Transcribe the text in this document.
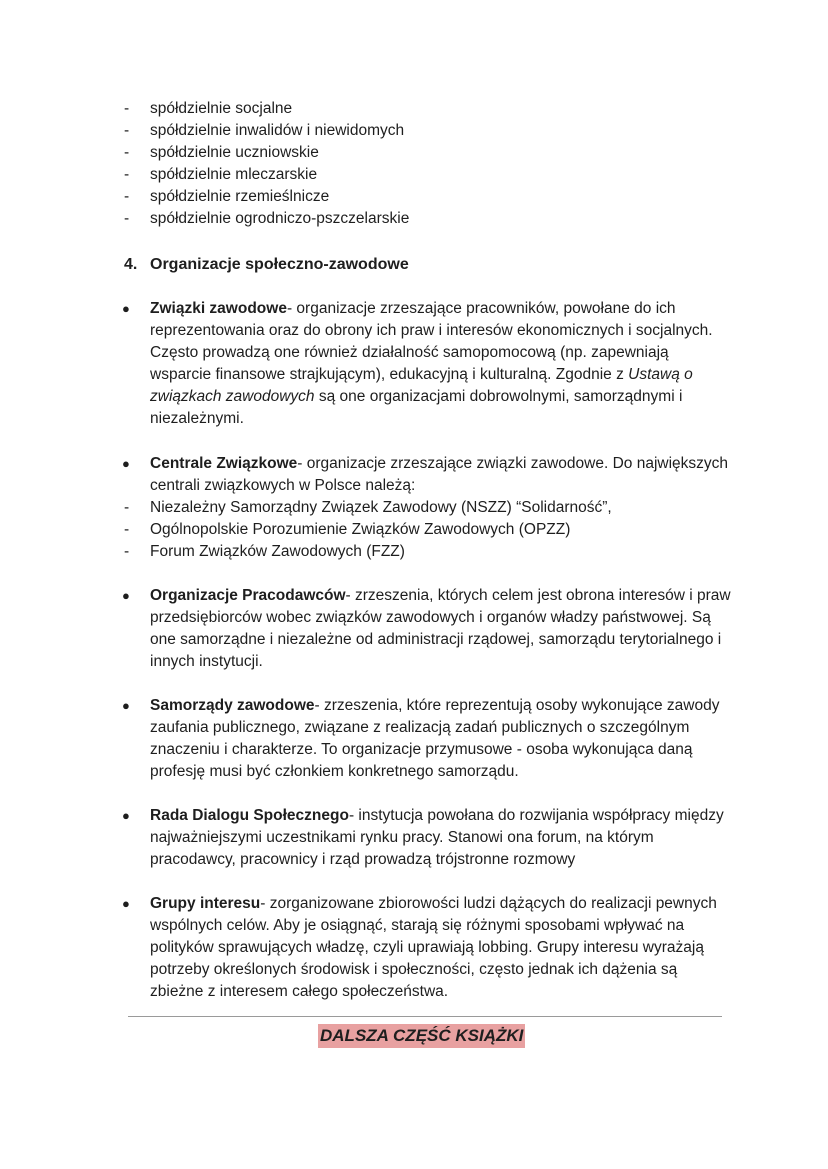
- spółdzielnie socjalne
- spółdzielnie inwalidów i niewidomych
- spółdzielnie uczniowskie
- spółdzielnie mleczarskie
- spółdzielnie rzemieślnicze
- spółdzielnie ogrodniczo-pszczelarskie
4. Organizacje społeczno-zawodowe
● Związki zawodowe- organizacje zrzeszające pracowników, powołane do ich reprezentowania oraz do obrony ich praw i interesów ekonomicznych i socjalnych. Często prowadzą one również działalność samopomocową (np. zapewniają wsparcie finansowe strajkującym), edukacyjną i kulturalną. Zgodnie z Ustawą o związkach zawodowych są one organizacjami dobrowolnymi, samorządnymi i niezależnymi.

● Centrale Związkowe- organizacje zrzeszające związki zawodowe. Do największych centrali związkowych w Polsce należą:

- Niezależny Samorządny Związek Zawodowy (NSZZ) “Solidarność”,
- Ogólnopolskie Porozumienie Związków Zawodowych (OPZZ)
- Forum Związków Zawodowych (FZZ)
● Organizacje Pracodawców- zrzeszenia, których celem jest obrona interesów i praw przedsiębiorców wobec związków zawodowych i organów władzy państwowej. Są one samorządne i niezależne od administracji rządowej, samorządu terytorialnego i innych instytucji.

● Samorządy zawodowe- zrzeszenia, które reprezentują osoby wykonujące zawody zaufania publicznego, związane z realizacją zadań publicznych o szczególnym znaczeniu i charakterze. To organizacje przymusowe - osoba wykonująca daną profesję musi być członkiem konkretnego samorządu.

● Rada Dialogu Społecznego- instytucja powołana do rozwijania współpracy między najważniejszymi uczestnikami rynku pracy. Stanowi ona forum, na którym pracodawcy, pracownicy i rząd prowadzą trójstronne rozmowy

● Grupy interesu- zorganizowane zbiorowości ludzi dążących do realizacji pewnych wspólnych celów. Aby je osiągnąć, starają się różnymi sposobami wpływać na polityków sprawujących władzę, czyli uprawiają lobbing. Grupy interesu wyrażają potrzeby określonych środowisk i społeczności, często jednak ich dążenia są zbieżne z interesem całego społeczeństwa.

DALSZA CZĘŚĆ KSIĄŻKI
